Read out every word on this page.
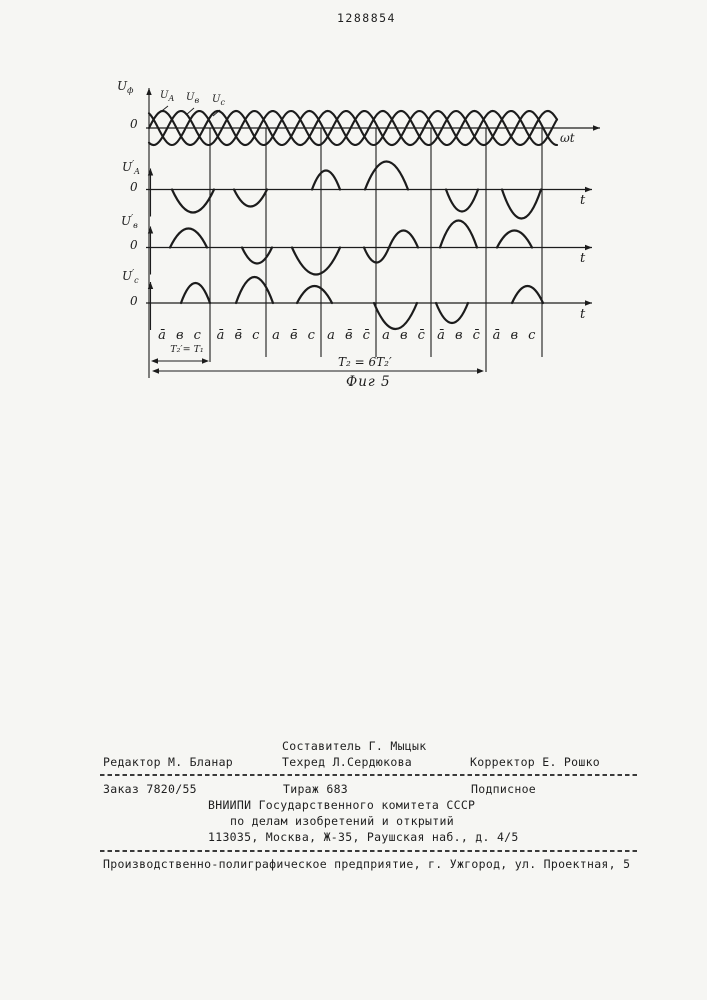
1288854
$U_ф$
0
$U_A$ $U_в$ $U_с$
ωt
$U'_A$
0
t
$U'_в$
0
t
$U'_с$
0
t
а̄ в с	а̄ в̄ с а в̄ с а в̄ с̄ а в с̄ а̄ в с̄ а̄ в с
T₂′= T₁
T₂ = 6T₂′
Фиг 5
Составитель Г. Мыцык
Редактор М. Бланар	Техред Л.Сердюкова	Корректор Е. Рошко
Заказ 7820/55	Тираж 683	Подписное
ВНИИПИ Государственного комитета СССР
по делам изобретений и открытий
113035, Москва, Ж-35, Раушская наб., д. 4/5
Производственно-полиграфическое предприятие, г. Ужгород, ул. Проектная, 5
